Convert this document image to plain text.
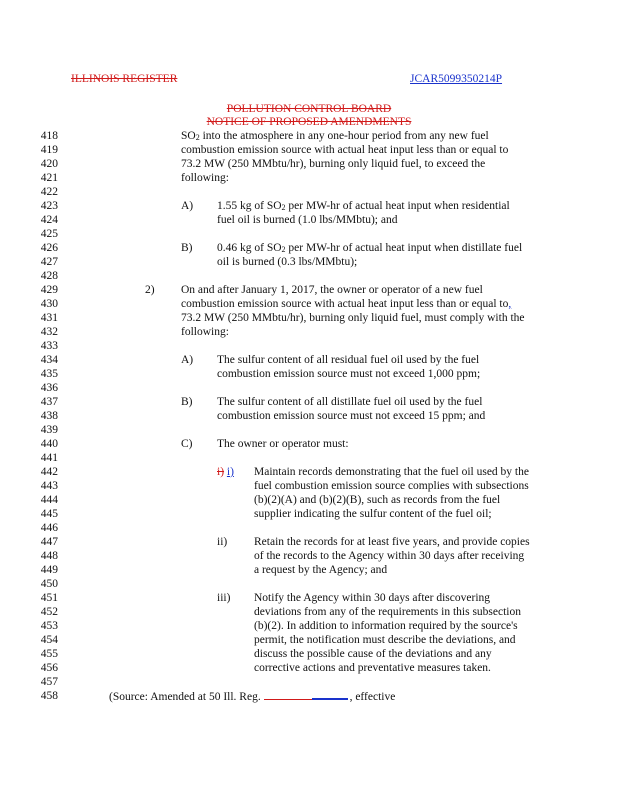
ILLINOIS REGISTER	JCAR5099350214P
POLLUTION CONTROL BOARD
NOTICE OF PROPOSED AMENDMENTS
418
419
420
421
422
423
424
425
426
427
428
429
430
431
432
433
434
435
436
437
438
439
440
441
442
443
444
445
446
447
448
449
450
451
452
453
454
455
456
457
458
$SO_2$ into the atmosphere in any one-hour period from any new fuel
combustion emission source with actual heat input less than or equal to
73.2 MW (250 MMbtu/hr), burning only liquid fuel, to exceed the
following:
A) 1.55 kg of $SO_2$ per MW-hr of actual heat input when residential
fuel oil is burned (1.0 lbs/MMbtu); and
B) 0.46 kg of $SO_2$ per MW-hr of actual heat input when distillate fuel
oil is burned (0.3 lbs/MMbtu);
2) On and after January 1, 2017, the owner or operator of a new fuel
combustion emission source with actual heat input less than or equal to,
73.2 MW (250 MMbtu/hr), burning only liquid fuel, must comply with the
following:
A) The sulfur content of all residual fuel oil used by the fuel
combustion emission source must not exceed 1,000 ppm;
B) The sulfur content of all distillate fuel oil used by the fuel
combustion emission source must not exceed 15 ppm; and
C) The owner or operator must:
i) i) Maintain records demonstrating that the fuel oil used by the
fuel combustion emission source complies with subsections
(b)(2)(A) and (b)(2)(B), such as records from the fuel
supplier indicating the sulfur content of the fuel oil;
ii) Retain the records for at least five years, and provide copies
of the records to the Agency within 30 days after receiving
a request by the Agency; and
iii) Notify the Agency within 30 days after discovering
deviations from any of the requirements in this subsection
(b)(2). In addition to information required by the source's
permit, the notification must describe the deviations, and
discuss the possible cause of the deviations and any
corrective actions and preventative measures taken.
(Source: Amended at 50 Ill. Reg.	, effective
